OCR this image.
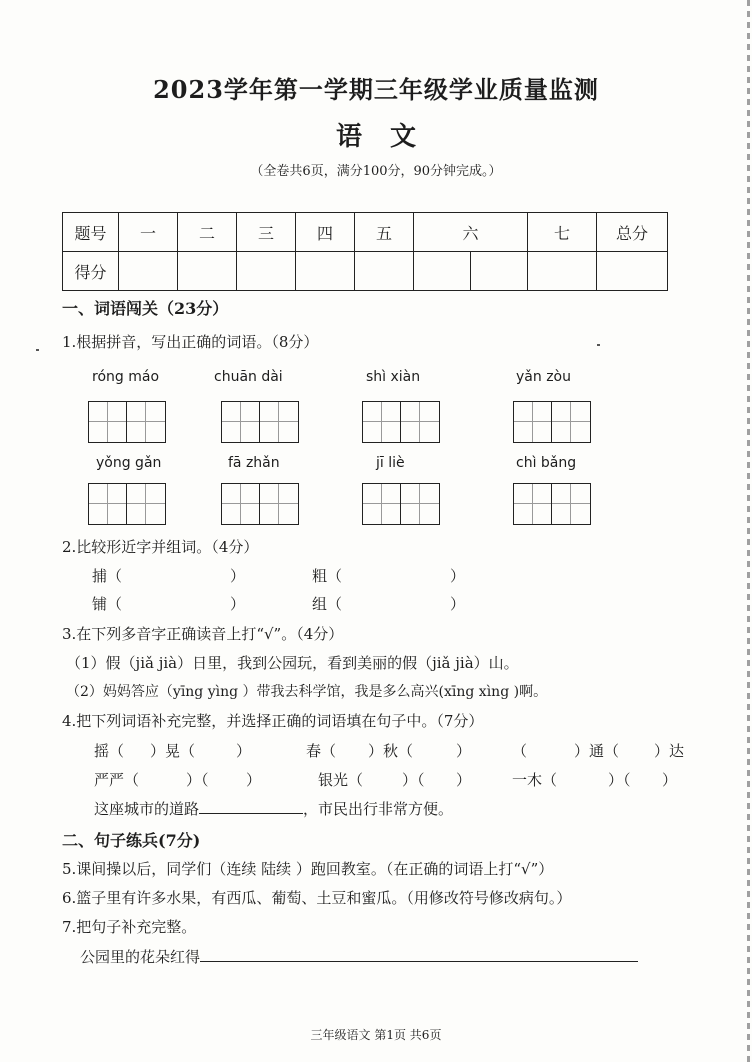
2023学年第一学期三年级学业质量监测
语 文
（全卷共6页，满分100分，90分钟完成。）
题号	一	二	三	四	五	六		七	总分
得分									
一、词语闯关（23分）
1.根据拼音，写出正确的词语。（8分）
róng máo	chuān dài	shì xiàn	yǎn zòu
yǒng gǎn	fā zhǎn	jī liè	chì bǎng
2.比较形近字并组词。（4分）
捕（	）	粗（	）
铺（	）	组（	）
3.在下列多音字正确读音上打“√”。（4分）
（1）假（jiǎ jià）日里，我到公园玩，看到美丽的假（jiǎ jià）山。
（2）妈妈答应（yīng yìng ）带我去科学馆，我是多么高兴(xīng xìng )啊。
4.把下列词语补充完整，并选择正确的词语填在句子中。（7分）
摇（ ）晃（	）	春（ ）秋（	）	（	）通（ ）达
严严（	）（ ）	银光（	）（ ）	一木（	）（ ）
这座城市的道路	，市民出行非常方便。
二、句子练兵(7分)
5.课间操以后，同学们（连续 陆续 ）跑回教室。（在正确的词语上打“√”）
6.篮子里有许多水果，有西瓜、葡萄、土豆和蜜瓜。（用修改符号修改病句。）
7.把句子补充完整。
公园里的花朵红得
三年级语文 第1页 共6页
